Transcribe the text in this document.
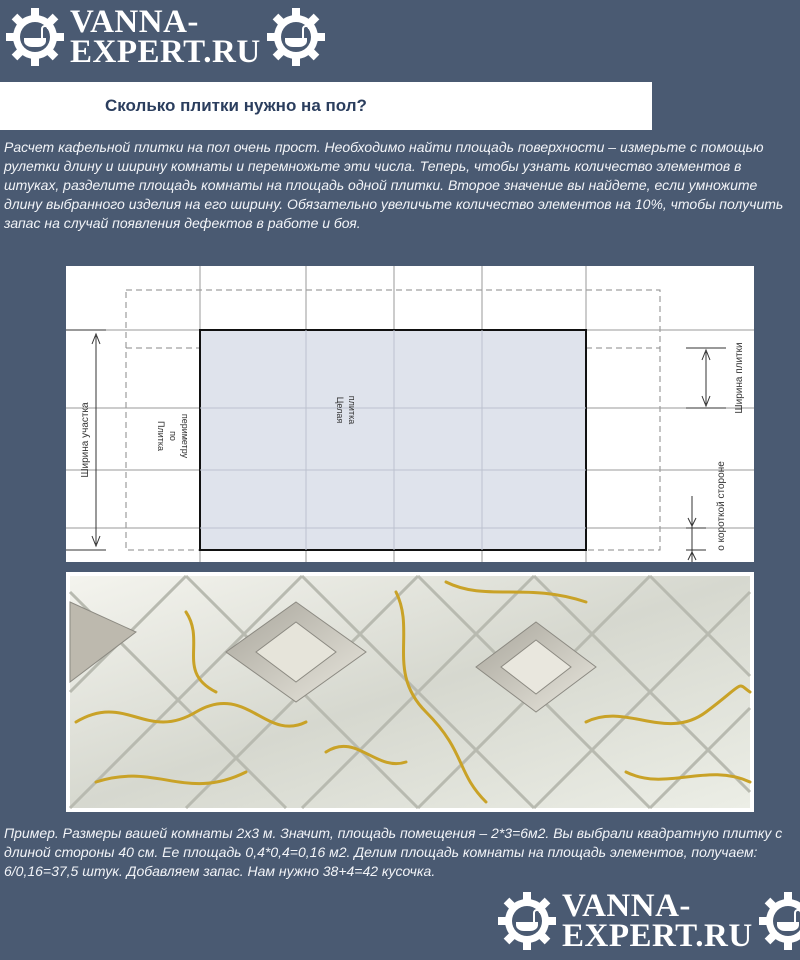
VANNA-
EXPERT.RU
Сколько плитки нужно на пол?

Расчет кафельной плитки на пол очень прост. Необходимо найти площадь поверхности – измерьте с помощью рулетки длину и ширину комнаты и перемножьте эти числа. Теперь, чтобы узнать количество элементов в штуках, разделите площадь комнаты на площадь одной плитки. Второе значение вы найдете, если умножите длину выбранного изделия на его ширину. Обязательно увеличьте количество элементов на 10%, чтобы получить запас на случай появления дефектов в работе и боя.

Ширина участка	Плитка по периметру
Целая плитка	Ширина плитки
о короткой стороне

Пример. Размеры вашей комнаты 2х3 м. Значит, площадь помещения – 2*3=6м2. Вы выбрали квадратную плитку с длиной стороны 40 см. Ее площадь 0,4*0,4=0,16 м2. Делим площадь комнаты на площадь элементов, получаем: 6/0,16=37,5 штук. Добавляем запас. Нам нужно 38+4=42 кусочка.

VANNA-
EXPERT.RU
